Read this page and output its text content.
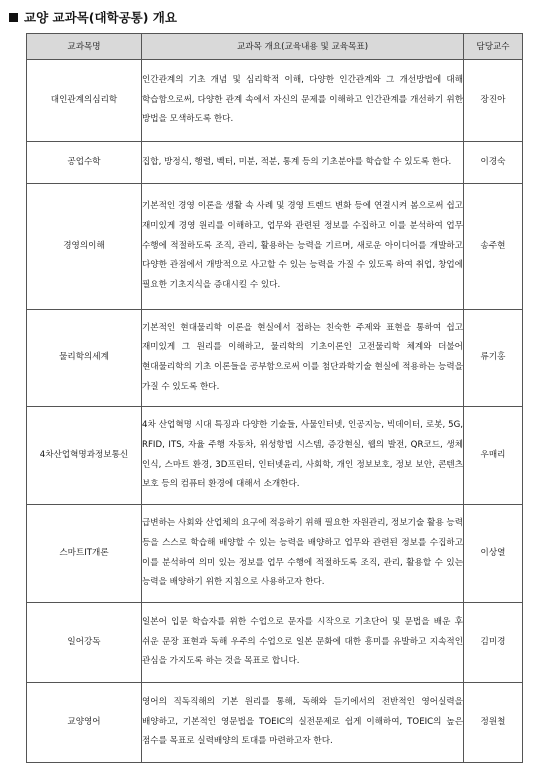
교양 교과목(대학공통) 개요
교과목명	교과목 개요(교육내용 및 교육목표)	담당교수
대인관계의심리학	인간관계의 기초 개념 및 심리학적 이해, 다양한 인간관계와 그 개선방법에 대해 학습함으로써, 다양한 관계 속에서 자신의 문제를 이해하고 인간관계를 개선하기 위한 방법을 모색하도록 한다.	장진아
공업수학	집합, 방정식, 행렬, 벡터, 미분, 적분, 통계 등의 기초분야를 학습할 수 있도록 한다.	이경숙
경영의이해	기본적인 경영 이론을 생활 속 사례 및 경영 트렌드 변화 등에 연결시켜 봄으로써 쉽고 재미있게 경영 원리를 이해하고, 업무와 관련된 정보를 수집하고 이를 분석하여 업무 수행에 적절하도록 조직, 관리, 활용하는 능력을 기르며, 새로운 아이디어를 개발하고 다양한 관점에서 개방적으로 사고할 수 있는 능력을 가질 수 있도록 하여 취업, 창업에 필요한 기초지식을 증대시킬 수 있다.	송주현
물리학의세계	기본적인 현대물리학 이론을 현실에서 접하는 친숙한 주제와 표현을 통하여 쉽고 재미있게 그 원리를 이해하고, 물리학의 기초이론인 고전물리학 체계와 더불어 현대물리학의 기초 이론들을 공부함으로써 이를 첨단과학기술 현실에 적용하는 능력을 가질 수 있도록 한다.	류기홍
4차산업혁명과정보통신	4차 산업혁명 시대 특징과 다양한 기술들, 사물인터넷, 인공지능, 빅데이터, 로봇, 5G, RFID, ITS, 자율 주행 자동차, 위성항법 시스템, 증강현실, 웹의 발전, QR코드, 생체 인식, 스마트 환경, 3D프린터, 인터넷윤리, 사회학, 개인 정보보호, 정보 보안, 콘텐츠 보호 등의 컴퓨터 환경에 대해서 소개한다.	우매리
스마트IT개론	급변하는 사회와 산업체의 요구에 적응하기 위해 필요한 자원관리, 정보기술 활용 능력 등을 스스로 학습해 배양할 수 있는 능력을 배양하고 업무와 관련된 정보를 수집하고 이를 분석하여 의미 있는 정보를 업무 수행에 적절하도록 조직, 관리, 활용할 수 있는 능력을 배양하기 위한 지침으로 사용하고자 한다.	이상열
일어강독	일본어 입문 학습자를 위한 수업으로 문자를 시작으로 기초단어 및 문법을 배운 후 쉬운 문장 표현과 독해 우주의 수업으로 일본 문화에 대한 흥미를 유발하고 지속적인 관심을 가지도록 하는 것을 목표로 합니다.	김미경
교양영어	영어의 직독직해의 기본 원리를 통해, 독해와 듣기에서의 전반적인 영어실력을 배양하고, 기본적인 영문법을 TOEIC의 실전문제로 쉽게 이해하여, TOEIC의 높은 점수를 목표로 실력배양의 토대를 마련하고자 한다.	정원철
